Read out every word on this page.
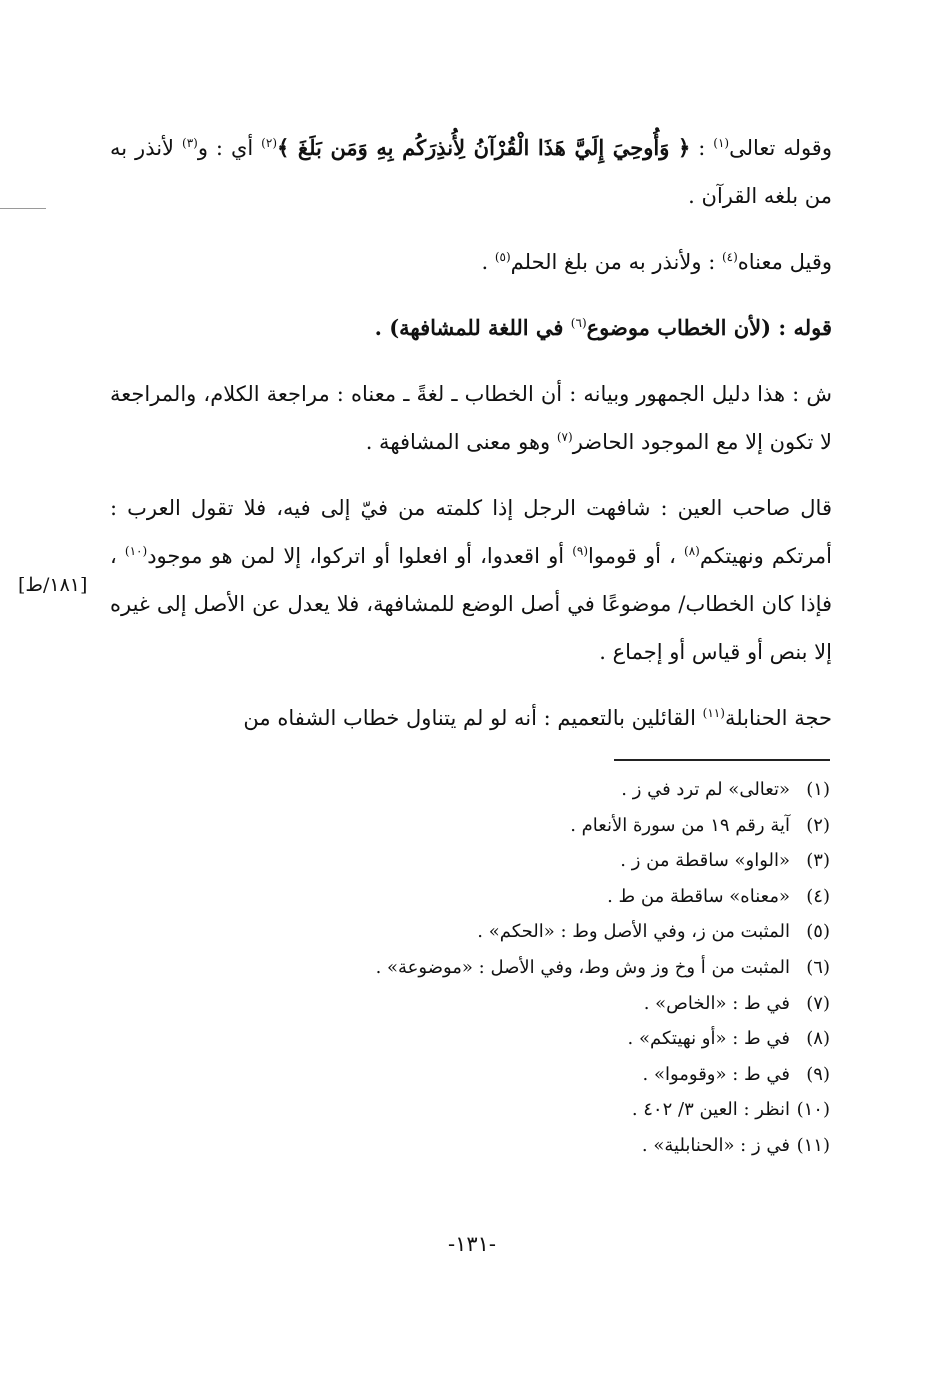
وقوله تعالى$^{(١)}$ : ﴿ وَأُوحِيَ إِلَيَّ هَذَا الْقُرْآنُ لِأُنذِرَكُم بِهِ وَمَن بَلَغَ ﴾$^{(٢)}$ أي : و$^{(٣)}$ لأنذر به من بلغه القرآن .

وقيل معناه$^{(٤)}$ : ولأنذر به من بلغ الحلم$^{(٥)}$ .

قوله : (لأن الخطاب موضوع$^{(٦)}$ في اللغة للمشافهة) .

ش : هذا دليل الجمهور وبيانه : أن الخطاب ـ لغةً ـ معناه : مراجعة الكلام، والمراجعة لا تكون إلا مع الموجود الحاضر$^{(٧)}$ وهو معنى المشافهة .

قال صاحب العين : شافهت الرجل إذا كلمته من فيّ إلى فيه، فلا تقول العرب : أمرتكم ونهيتكم$^{(٨)}$ ، أو قوموا$^{(٩)}$ أو اقعدوا، أو افعلوا أو اتركوا، إلا لمن هو موجود$^{(١٠)}$ ، فإذا كان الخطاب/ موضوعًا في أصل الوضع للمشافهة، فلا يعدل عن الأصل إلى غيره إلا بنص أو قياس أو إجماع .

حجة الحنابلة$^{(١١)}$ القائلين بالتعميم : أنه لو لم يتناول خطاب الشفاه من

[١٨١/ط]
(١)«تعالى» لم ترد في ز .
(٢)آية رقم ١٩ من سورة الأنعام .
(٣)«الواو» ساقطة من ز .
(٤)«معناه» ساقطة من ط .
(٥)المثبت من ز، وفي الأصل وط : «الحكم» .
(٦)المثبت من أ وخ وز وش وط، وفي الأصل : «موضوعة» .
(٧)في ط : «الخاص» .
(٨)في ط : «أو نهيتكم» .
(٩)في ط : «وقوموا» .
(١٠)انظر : العين ٣/ ٤٠٢ .
(١١)في ز : «الحنابلية» .
-١٣١-
